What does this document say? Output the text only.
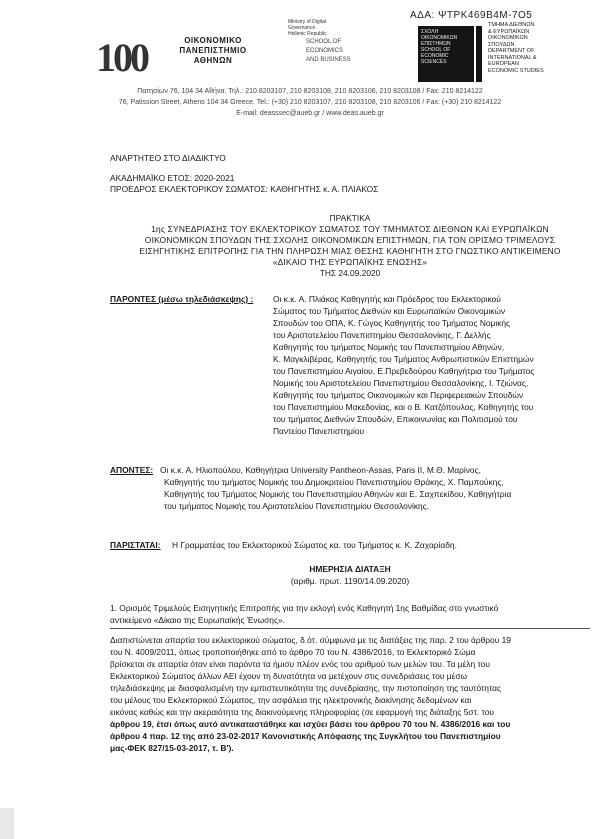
ΑΔΑ: ΨΤΡΚ469Β4Μ-7Ο5
100	ΟΙΚΟΝΟΜΙΚΟ
ΠΑΝΕΠΙΣΤΗΜΙΟ
ΑΘΗΝΩΝ
Ministry of Digital
Governance
Hellenic Republic
SCHOOL OF
ECONOMICS
AND BUSINESS
ΣΧΟΛΗ
ΟΙΚΟΝΟΜΙΚΩΝ
ΕΠΙΣΤΗΜΩΝ
SCHOOL OF
ECONOMIC
SCIENCES
ΤΜΗΜΑ ΔΙΕΘΝΩΝ
& ΕΥΡΩΠΑΪΚΩΝ
ΟΙΚΟΝΟΜΙΚΩΝ
ΣΠΟΥΔΩΝ
DEPARTMENT OF
INTERNATIONAL &
EUROPEAN
ECONOMIC STUDIES
Πατησίων 76, 104 34 Αθήνα. Τηλ.: 210 8203107, 210 8203108, 210 8203106, 210 8203108 / Fax: 210 8214122
76, Patission Street, Athens 104 34 Greece. Tel.: (+30) 210 8203107, 210 8203108, 210 8203106 / Fax: (+30) 210 8214122
E-mail: deasssec@aueb.gr / www.deas.aueb.gr
ΑΝΑΡΤΗΤΕΟ ΣΤΟ ΔΙΑΔΙΚΤΥΟ
ΑΚΑΔΗΜΑΪΚΟ ΕΤΟΣ: 2020-2021
ΠΡΟΕΔΡΟΣ ΕΚΛΕΚΤΟΡΙΚΟΥ ΣΩΜΑΤΟΣ: ΚΑΘΗΓΗΤΗΣ κ. Α. ΠΛΙΑΚΟΣ
ΠΡΑΚΤΙΚΑ
1ης ΣΥΝΕΔΡΙΑΣΗΣ ΤΟΥ ΕΚΛΕΚΤΟΡΙΚΟΥ ΣΩΜΑΤΟΣ ΤΟΥ ΤΜΗΜΑΤΟΣ ΔΙΕΘΝΩΝ ΚΑΙ ΕΥΡΩΠΑΪΚΩΝ
ΟΙΚΟΝΟΜΙΚΩΝ ΣΠΟΥΔΩΝ ΤΗΣ ΣΧΟΛΗΣ ΟΙΚΟΝΟΜΙΚΩΝ ΕΠΙΣΤΗΜΩΝ, ΓΙΑ ΤΟΝ ΟΡΙΣΜΟ ΤΡΙΜΕΛΟΥΣ
ΕΙΣΗΓΗΤΙΚΗΣ ΕΠΙΤΡΟΠΗΣ ΓΙΑ ΤΗΝ ΠΛΗΡΩΣΗ ΜΙΑΣ ΘΕΣΗΣ ΚΑΘΗΓΗΤΗ ΣΤΟ ΓΝΩΣΤΙΚΟ ΑΝΤΙΚΕΙΜΕΝΟ
«ΔΙΚΑΙΟ ΤΗΣ ΕΥΡΩΠΑΪΚΗΣ ΕΝΩΣΗΣ»
ΤΗΣ 24.09.2020
ΠΑΡΟΝΤΕΣ (μέσω τηλεδιάσκεψης) : Οι κ.κ. Α. Πλιάκος Καθηγητής και Πρόεδρος του Εκλεκτορικού
Σώματος του Τμήματος Διεθνών και Ευρωπαϊκών Οικονομικών
Σπουδών του ΟΠΑ, Κ. Γώγος Καθηγητής του Τμήματος Νομικής
του Αριστοτελείου Πανεπιστημίου Θεσσαλονίκης, Γ. Δελλής
Καθηγητής του τμήματος Νομικής του Πανεπιστημίου Αθηνών,
Κ. Μαγκλιβέρας, Καθηγητής του Τμήματος Ανθρωπιστικών Επιστημών
του Πανεπιστημίου Αιγαίου, Ε.Πρεβεδούρου Καθηγήτρια του Τμήματος
Νομικής του Αριστοτελείου Πανεπιστημίου Θεσσαλονίκης, Ι. Τζιώνας,
Καθηγητής του τμήματος Οικονομικών και Περιφερειακών Σπουδών
του Πανεπιστημίου Μακεδονίας, και ο Β. Κατζόπουλος, Καθηγητής του
του τμήματος Διεθνών Σπουδών, Επικοινωνίας και Πολιτισμού του
Παντείου Πανεπιστημίου
ΑΠΟΝΤΕΣ: Οι κ.κ. Α. Ηλιοπούλου, Καθηγήτρια University Pantheon-Assas, Paris II, Μ.Θ. Μαρίνος,
Καθηγητής του τμήματος Νομικής του Δημοκριτείου Πανεπιστημίου Θράκης, Χ. Παμπούκης,
Καθηγητής του Τμήματος Νομικής του Πανεπιστημίου Αθηνών και Ε. Σαχπεκίδου, Καθηγήτρια
του τμήματος Νομικής του Αριστοτελείου Πανεπιστημίου Θεσσαλονίκης.
ΠΑΡΙΣΤΑΤΑΙ: Η Γραμματέας του Εκλεκτορικού Σώματος κα. του Τμήματος κ. Κ. Ζαχαρίαδη.
ΗΜΕΡΗΣΙΑ ΔΙΑΤΑΞΗ
(αριθμ. πρωτ. 1190/14.09.2020)
1. Ορισμός Τριμελούς Εισηγητικής Επιτροπής για την εκλογή ενός Καθηγητή 1ης Βαθμίδας στο γνωστικό
αντικείμενο «Δίκαιο της Ευρωπαϊκής Ένωσης».
Διαπιστώνεται απαρτία του εκλεκτορικού σώματος, δ.ότ. σύμφωνα με τις διατάξεις της παρ. 2 του άρθρου 19
του Ν. 4009/2011, όπως τροποποιήθηκε από το άρθρο 70 του Ν. 4386/2016, το Εκλεκτορικό Σώμα
βρίσκεται σε απαρτία όταν είναι παρόντα τα ήμισυ πλέον ενός του αριθμού των μελών του. Τα μέλη του
Εκλεκτορικού Σώματος άλλων ΑΕΙ έχουν τη δυνατότητα να μετέχουν στις συνεδριάσεις του μέσω
τηλεδιάσκεψης με διασφαλισμένη την εμπιστευτικότητα της συνεδρίασης, την πιστοποίηση της ταυτότητας
του μέλους του Εκλεκτορικού Σώματος, την ασφάλεια της ηλεκτρονικής διακίνησης δεδομένων και
εικόνας καθώς και την ακεραιότητα της διακινούμενης πληροφορίας (σε εφαρμογή της διάταξης 5στ. του
άρθρου 19, έτσι όπως αυτό αντικαταστάθηκε και ισχύει βάσει του άρθρου 70 του Ν. 4386/2016 και του
άρθρου 4 παρ. 12 της από 23-02-2017 Κανονιστικής Απόφασης της Συγκλήτου του Πανεπιστημίου
μας-ΦΕΚ 827/15-03-2017, τ. Β').
